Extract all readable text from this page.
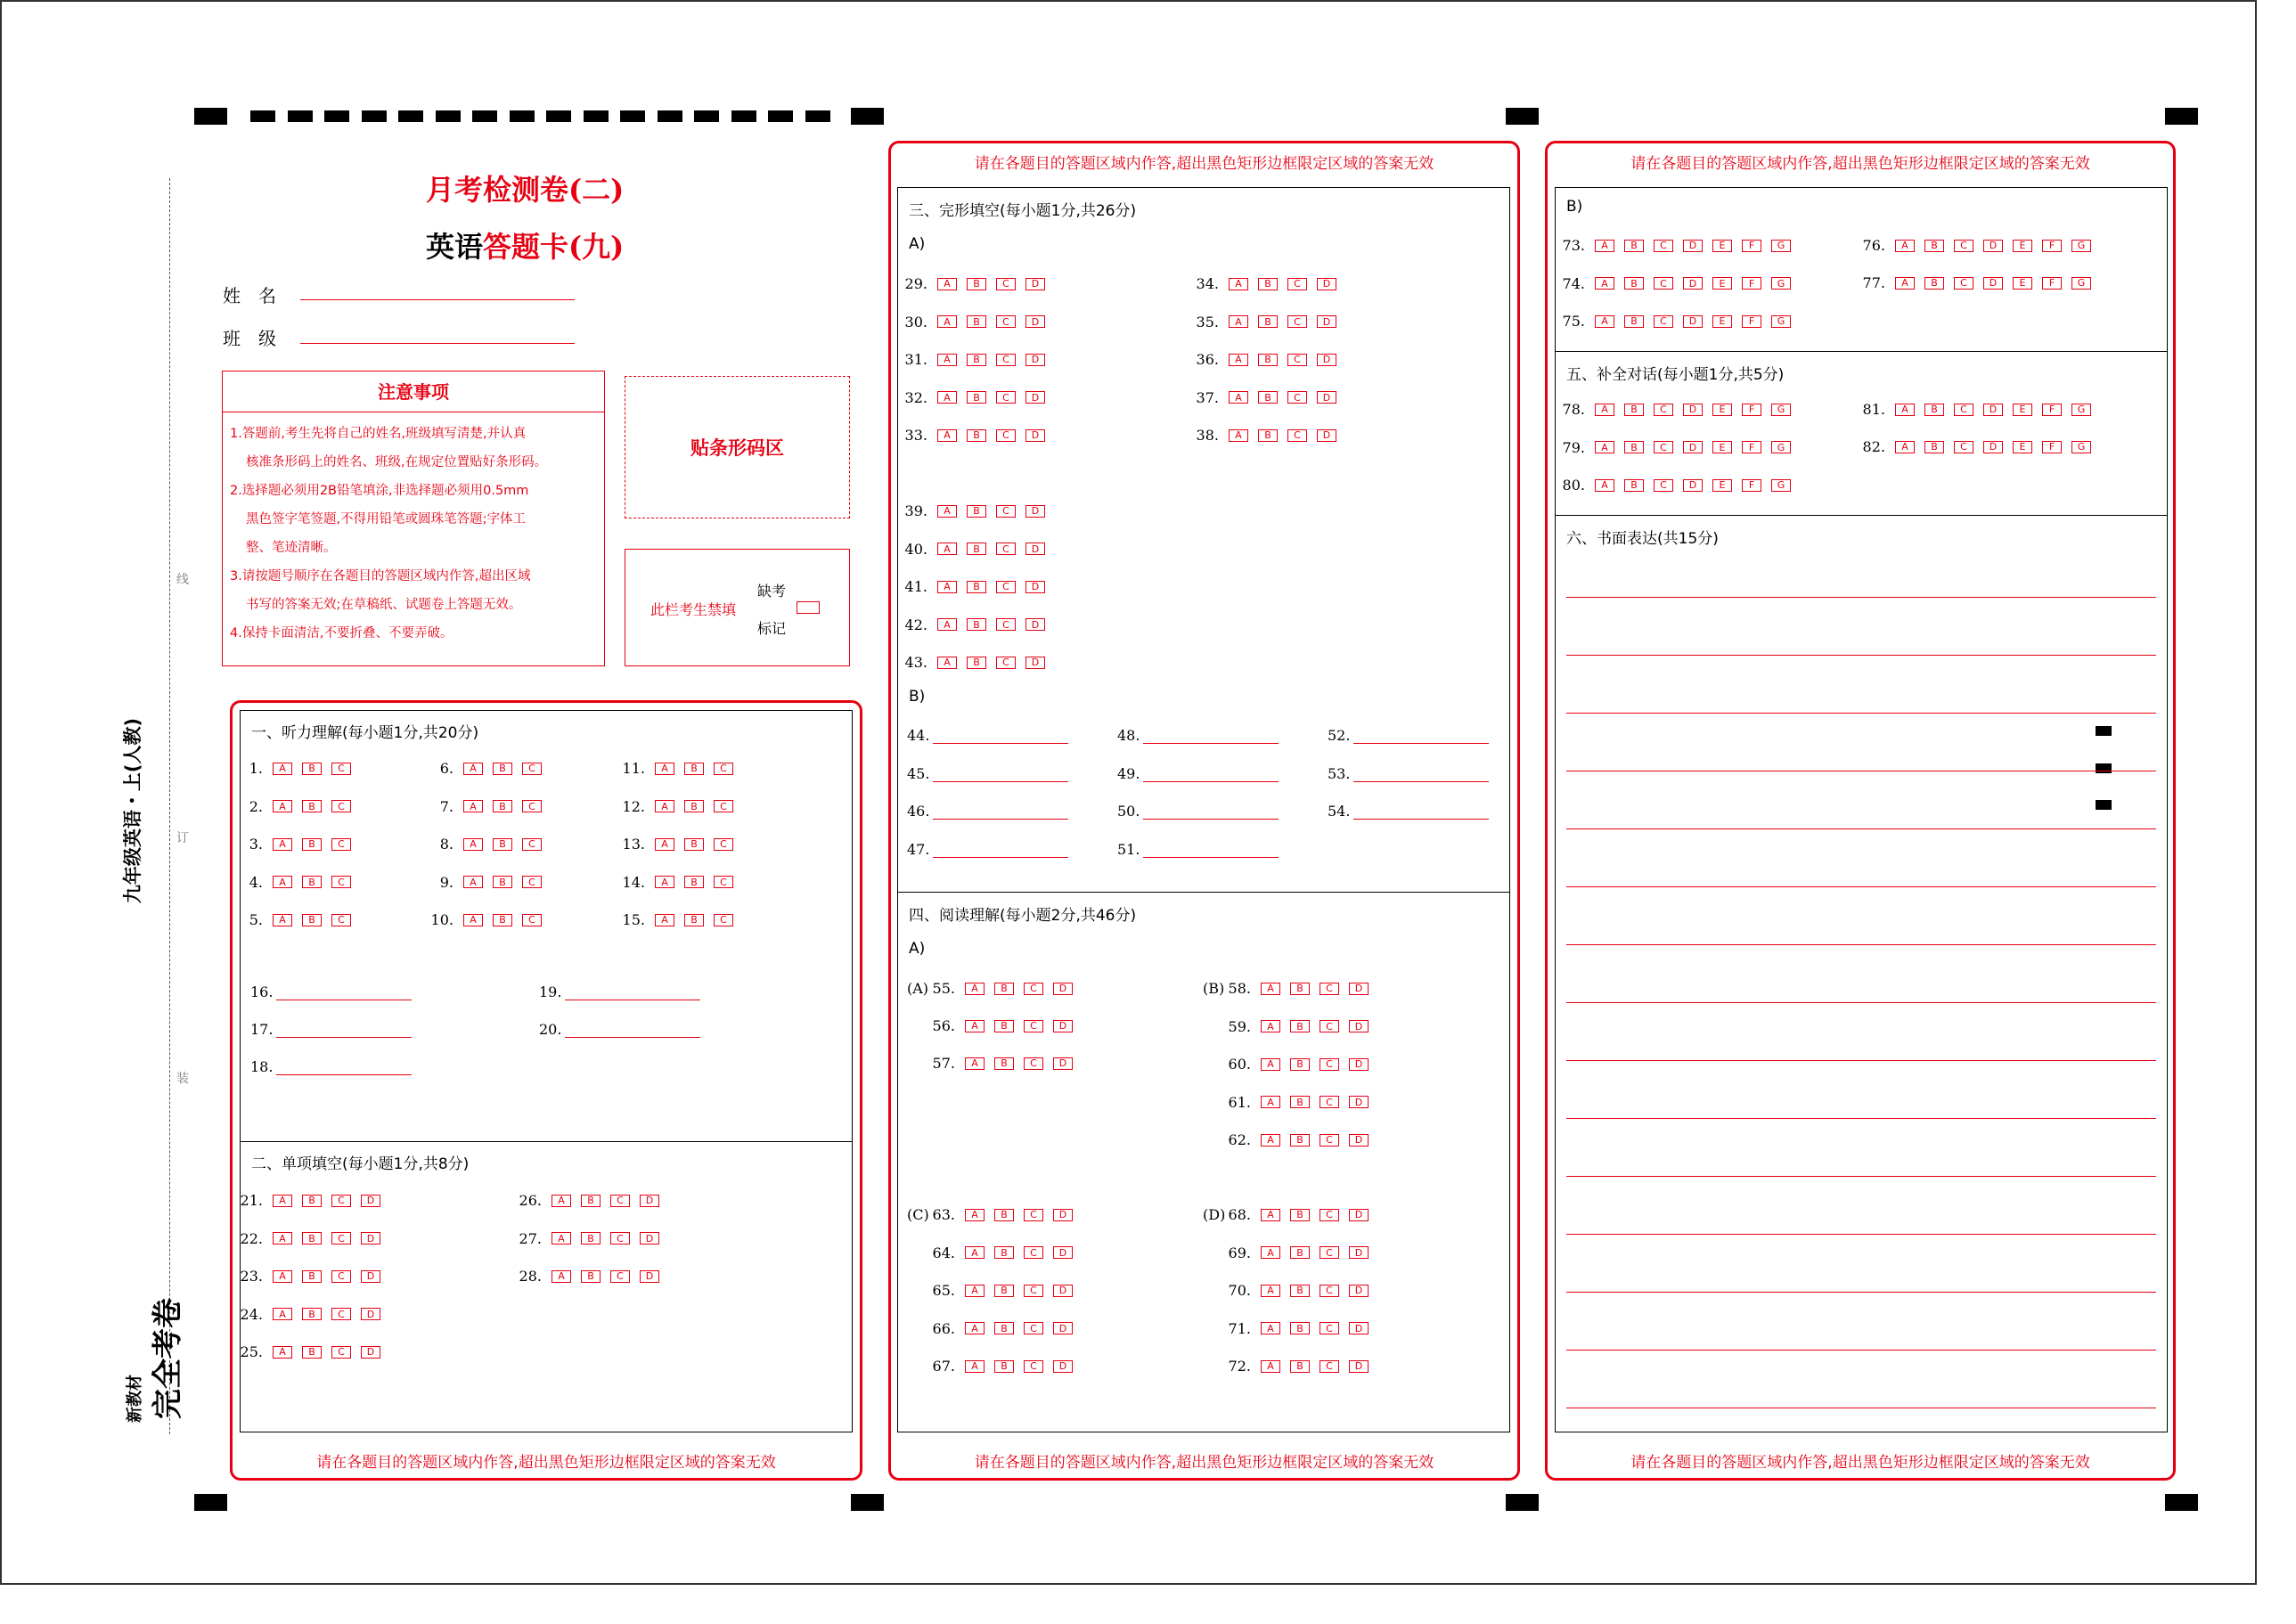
线
订
装
九年级英语・上(人教)
新教材 完全考卷
月考检测卷(二)
英语答题卡(九)
姓　名
班　级
注意事项

1.答题前,考生先将自己的姓名,班级填写清楚,并认真

核准条形码上的姓名、班级,在规定位置贴好条形码。

2.选择题必须用2B铅笔填涂,非选择题必须用0.5mm

黑色签字笔签题,不得用铅笔或圆珠笔答题;字体工

整、笔迹清晰。

3.请按题号顺序在各题目的答题区域内作答,超出区域

书写的答案无效;在草稿纸、试题卷上答题无效。

4.保持卡面清洁,不要折叠、不要弄破。

贴条形码区
此栏考生禁填
缺考
标记
请在各题目的答题区域内作答,超出黑色矩形边框限定区域的答案无效
请在各题目的答题区域内作答,超出黑色矩形边框限定区域的答案无效
请在各题目的答题区域内作答,超出黑色矩形边框限定区域的答案无效
请在各题目的答题区域内作答,超出黑色矩形边框限定区域的答案无效
请在各题目的答题区域内作答,超出黑色矩形边框限定区域的答案无效
一、听力理解(每小题1分,共20分)
二、单项填空(每小题1分,共8分)
三、完形填空(每小题1分,共26分)
A)
B)
四、阅读理解(每小题2分,共46分)
A)
B)
五、补全对话(每小题1分,共5分)
六、书面表达(共15分)
(A)	(B)
(C)	(D)
1.	A	B	C	6.	A	B	C	11.	A	B	C
2.	A	B	C	7.	A	B	C	12.	A	B	C
3.	A	B	C	8.	A	B	C	13.	A	B	C
4.	A	B	C	9.	A	B	C	14.	A	B	C
5.	A	B	C	10.	A	B	C	15.	A	B	C
16.
17.
18.
19.
20.
21.	A	B	C	D
22.	A	B	C	D
23.	A	B	C	D
24.	A	B	C	D
25.	A	B	C	D
26.	A	B	C	D
27.	A	B	C	D
28.	A	B	C	D
29.	A	B	C	D	34.	A	B	C	D
30.	A	B	C	D	35.	A	B	C	D
31.	A	B	C	D	36.	A	B	C	D
32.	A	B	C	D	37.	A	B	C	D
33.	A	B	C	D	38.	A	B	C	D
39.	A	B	C	D
40.	A	B	C	D
41.	A	B	C	D
42.	A	B	C	D
43.	A	B	C	D
44.
45.
46.
47.
48.
49.
50.
51.
52.
53.
54.
55.	A	B	C	D
56.	A	B	C	D
57.	A	B	C	D
58.	A	B	C	D
59.	A	B	C	D
60.	A	B	C	D
61.	A	B	C	D
62.	A	B	C	D
63.	A	B	C	D	68.	A	B	C	D
64.	A	B	C	D	69.	A	B	C	D
65.	A	B	C	D	70.	A	B	C	D
66.	A	B	C	D	71.	A	B	C	D
67.	A	B	C	D	72.	A	B	C	D
73.	A	B	C	D	E	F	G
74.	A	B	C	D	E	F	G
75.	A	B	C	D	E	F	G
76.	A	B	C	D	E	F	G
77.	A	B	C	D	E	F	G
78.	A	B	C	D	E	F	G
79.	A	B	C	D	E	F	G
80.	A	B	C	D	E	F	G
81.	A	B	C	D	E	F	G
82.	A	B	C	D	E	F	G
